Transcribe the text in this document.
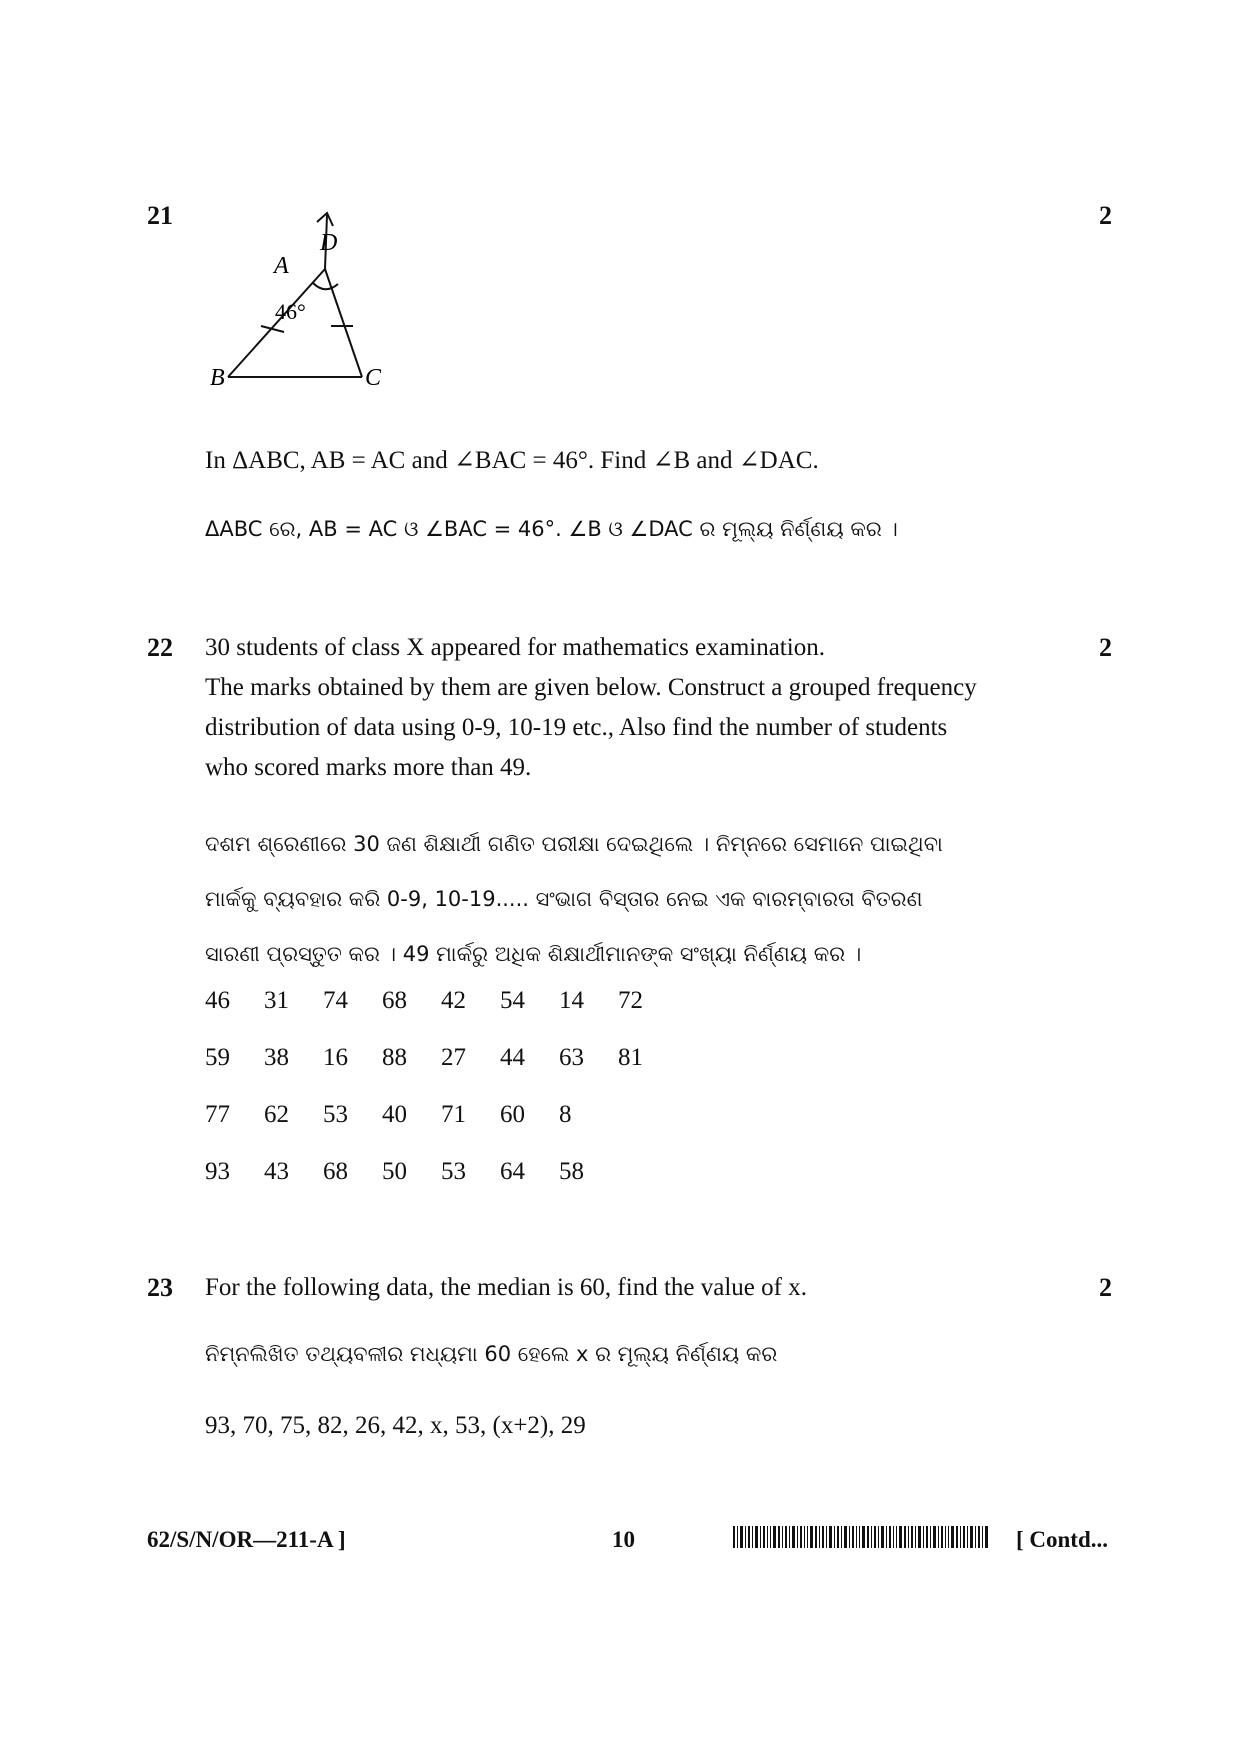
21	2
A
B	C
D
46°
In ΔABC, AB = AC and ∠BAC = 46°. Find ∠B and ∠DAC.
ΔABC ରେ, AB = AC ଓ ∠BAC = 46°. ∠B ଓ ∠DAC ର ମୂଲ୍ୟ ନିର୍ଣ୍ଣୟ କର ।
22	2
30 students of class X appeared for mathematics examination.
The marks obtained by them are given below. Construct a grouped frequency
distribution of data using 0-9, 10-19 etc., Also find the number of students
who scored marks more than 49.
ଦଶମ ଶ୍ରେଣୀରେ 30 ଜଣ ଶିକ୍ଷାର୍ଥୀ ଗଣିତ ପରୀକ୍ଷା ଦେଇଥିଲେ । ନିମ୍ନରେ ସେମାନେ ପାଇଥିବା
ମାର୍କକୁ ବ୍ୟବହାର କରି 0-9, 10-19..... ସଂଭାଗ ବିସ୍ତାର ନେଇ ଏକ ବାରମ୍ବାରତା ବିତରଣ
ସାରଣୀ ପ୍ରସ୍ତୁତ କର । 49 ମାର୍କରୁ ଅଧିକ ଶିକ୍ଷାର୍ଥୀମାନଙ୍କ ସଂଖ୍ୟା ନିର୍ଣ୍ଣୟ କର ।
46 31 74 68 42 54 14 72
59 38 16 88 27 44 63 81
77 62 53 40 71 60 8
93 43 68 50 53 64 58
23	2
For the following data, the median is 60, find the value of x.
ନିମ୍ନଲିଖିତ ତଥ୍ୟବଳୀର ମଧ୍ୟମା 60 ହେଲେ x ର ମୂଲ୍ୟ ନିର୍ଣ୍ଣୟ କର
93, 70, 75, 82, 26, 42, x, 53, (x+2), 29
62/S/N/OR—211-A ]	10	[ Contd...
